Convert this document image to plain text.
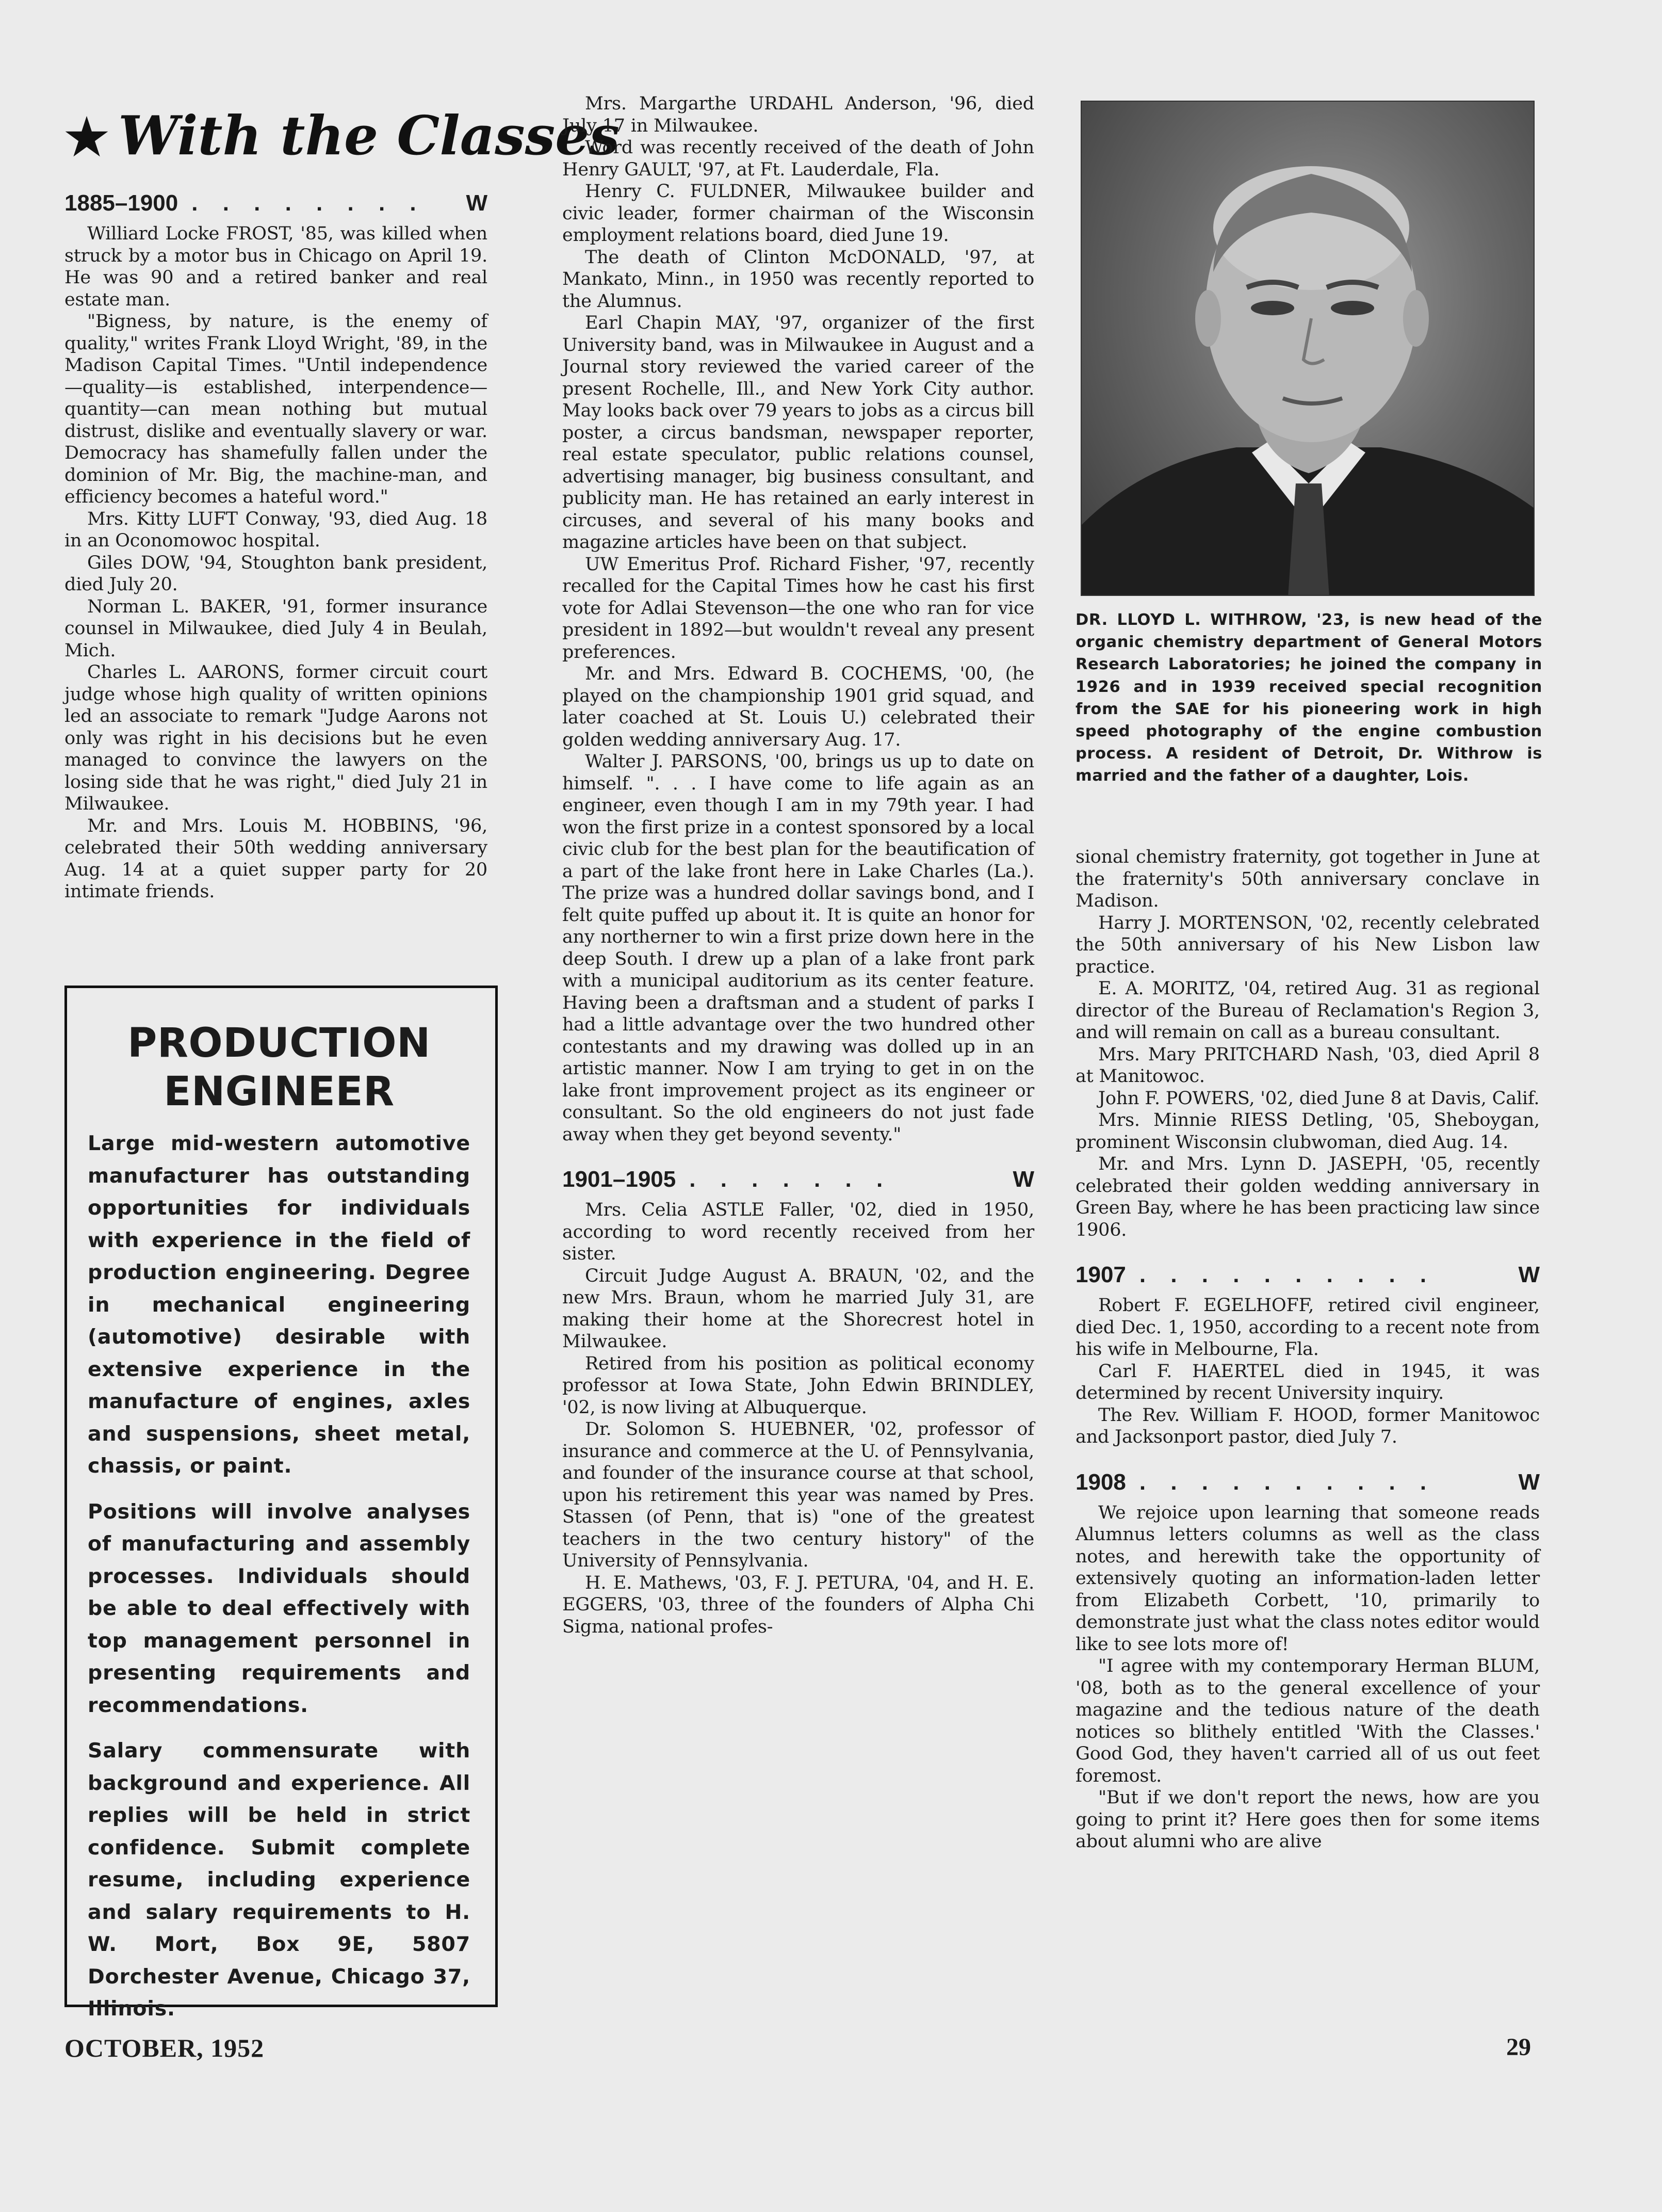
★ With the Classes
1885–1900 . . . . . . . .	W

Williard Locke FROST, '85, was killed when struck by a motor bus in Chicago on April 19. He was 90 and a retired banker and real estate man.

"Bigness, by nature, is the enemy of quality," writes Frank Lloyd Wright, '89, in the Madison Capital Times. "Until independence—quality—is established, interpendence—quantity—can mean nothing but mutual distrust, dislike and eventually slavery or war. Democracy has shamefully fallen under the dominion of Mr. Big, the machine-man, and efficiency becomes a hateful word."

Mrs. Kitty LUFT Conway, '93, died Aug. 18 in an Oconomowoc hospital.

Giles DOW, '94, Stoughton bank president, died July 20.

Norman L. BAKER, '91, former insurance counsel in Milwaukee, died July 4 in Beulah, Mich.

Charles L. AARONS, former circuit court judge whose high quality of written opinions led an associate to remark "Judge Aarons not only was right in his decisions but he even managed to convince the lawyers on the losing side that he was right," died July 21 in Milwaukee.

Mr. and Mrs. Louis M. HOBBINS, '96, celebrated their 50th wedding anniversary Aug. 14 at a quiet supper party for 20 intimate friends.

PRODUCTION ENGINEER

Large mid-western automotive manufacturer has outstanding opportunities for individuals with experience in the field of production engineering. Degree in mechanical engineering (automotive) desirable with extensive experience in the manufacture of engines, axles and suspensions, sheet metal, chassis, or paint.

Positions will involve analyses of manufacturing and assembly processes. Individuals should be able to deal effectively with top management personnel in presenting requirements and recommendations.

Salary commensurate with background and experience. All replies will be held in strict confidence. Submit complete resume, including experience and salary requirements to H. W. Mort, Box 9E, 5807 Dorchester Avenue, Chicago 37, Illinois.

Mrs. Margarthe URDAHL Anderson, '96, died July 17 in Milwaukee.

Word was recently received of the death of John Henry GAULT, '97, at Ft. Lauderdale, Fla.

Henry C. FULDNER, Milwaukee builder and civic leader, former chairman of the Wisconsin employment relations board, died June 19.

The death of Clinton McDONALD, '97, at Mankato, Minn., in 1950 was recently reported to the Alumnus.

Earl Chapin MAY, '97, organizer of the first University band, was in Milwaukee in August and a Journal story reviewed the varied career of the present Rochelle, Ill., and New York City author. May looks back over 79 years to jobs as a circus bill poster, a circus bandsman, newspaper reporter, real estate speculator, public relations counsel, advertising manager, big business consultant, and publicity man. He has retained an early interest in circuses, and several of his many books and magazine articles have been on that subject.

UW Emeritus Prof. Richard Fisher, '97, recently recalled for the Capital Times how he cast his first vote for Adlai Stevenson—the one who ran for vice president in 1892—but wouldn't reveal any present preferences.

Mr. and Mrs. Edward B. COCHEMS, '00, (he played on the championship 1901 grid squad, and later coached at St. Louis U.) celebrated their golden wedding anniversary Aug. 17.

Walter J. PARSONS, '00, brings us up to date on himself. ". . . I have come to life again as an engineer, even though I am in my 79th year. I had won the first prize in a contest sponsored by a local civic club for the best plan for the beautification of a part of the lake front here in Lake Charles (La.). The prize was a hundred dollar savings bond, and I felt quite puffed up about it. It is quite an honor for any northerner to win a first prize down here in the deep South. I drew up a plan of a lake front park with a municipal auditorium as its center feature. Having been a draftsman and a student of parks I had a little advantage over the two hundred other contestants and my drawing was dolled up in an artistic manner. Now I am trying to get in on the lake front improvement project as its engineer or consultant. So the old engineers do not just fade away when they get beyond seventy."

1901–1905 . . . . . . .	W

Mrs. Celia ASTLE Faller, '02, died in 1950, according to word recently received from her sister.

Circuit Judge August A. BRAUN, '02, and the new Mrs. Braun, whom he married July 31, are making their home at the Shorecrest hotel in Milwaukee.

Retired from his position as political economy professor at Iowa State, John Edwin BRINDLEY, '02, is now living at Albuquerque.

Dr. Solomon S. HUEBNER, '02, professor of insurance and commerce at the U. of Pennsylvania, and founder of the insurance course at that school, upon his retirement this year was named by Pres. Stassen (of Penn, that is) "one of the greatest teachers in the two century history" of the University of Pennsylvania.

H. E. Mathews, '03, F. J. PETURA, '04, and H. E. EGGERS, '03, three of the founders of Alpha Chi Sigma, national profes-

DR. LLOYD L. WITHROW, '23, is new head of the organic chemistry department of General Motors Research Laboratories; he joined the company in 1926 and in 1939 received special recognition from the SAE for his pioneering work in high speed photography of the engine combustion process. A resident of Detroit, Dr. Withrow is married and the father of a daughter, Lois.

sional chemistry fraternity, got together in June at the fraternity's 50th anniversary conclave in Madison.

Harry J. MORTENSON, '02, recently celebrated the 50th anniversary of his New Lisbon law practice.

E. A. MORITZ, '04, retired Aug. 31 as regional director of the Bureau of Reclamation's Region 3, and will remain on call as a bureau consultant.

Mrs. Mary PRITCHARD Nash, '03, died April 8 at Manitowoc.

John F. POWERS, '02, died June 8 at Davis, Calif.

Mrs. Minnie RIESS Detling, '05, Sheboygan, prominent Wisconsin clubwoman, died Aug. 14.

Mr. and Mrs. Lynn D. JASEPH, '05, recently celebrated their golden wedding anniversary in Green Bay, where he has been practicing law since 1906.

1907 . . . . . . . . . .	W

Robert F. EGELHOFF, retired civil engineer, died Dec. 1, 1950, according to a recent note from his wife in Melbourne, Fla.

Carl F. HAERTEL died in 1945, it was determined by recent University inquiry.

The Rev. William F. HOOD, former Manitowoc and Jacksonport pastor, died July 7.

1908 . . . . . . . . . .	W

We rejoice upon learning that someone reads Alumnus letters columns as well as the class notes, and herewith take the opportunity of extensively quoting an information-laden letter from Elizabeth Corbett, '10, primarily to demonstrate just what the class notes editor would like to see lots more of!

"I agree with my contemporary Herman BLUM, '08, both as to the general excellence of your magazine and the tedious nature of the death notices so blithely entitled 'With the Classes.' Good God, they haven't carried all of us out feet foremost.

"But if we don't report the news, how are you going to print it? Here goes then for some items about alumni who are alive

OCTOBER, 1952	29
